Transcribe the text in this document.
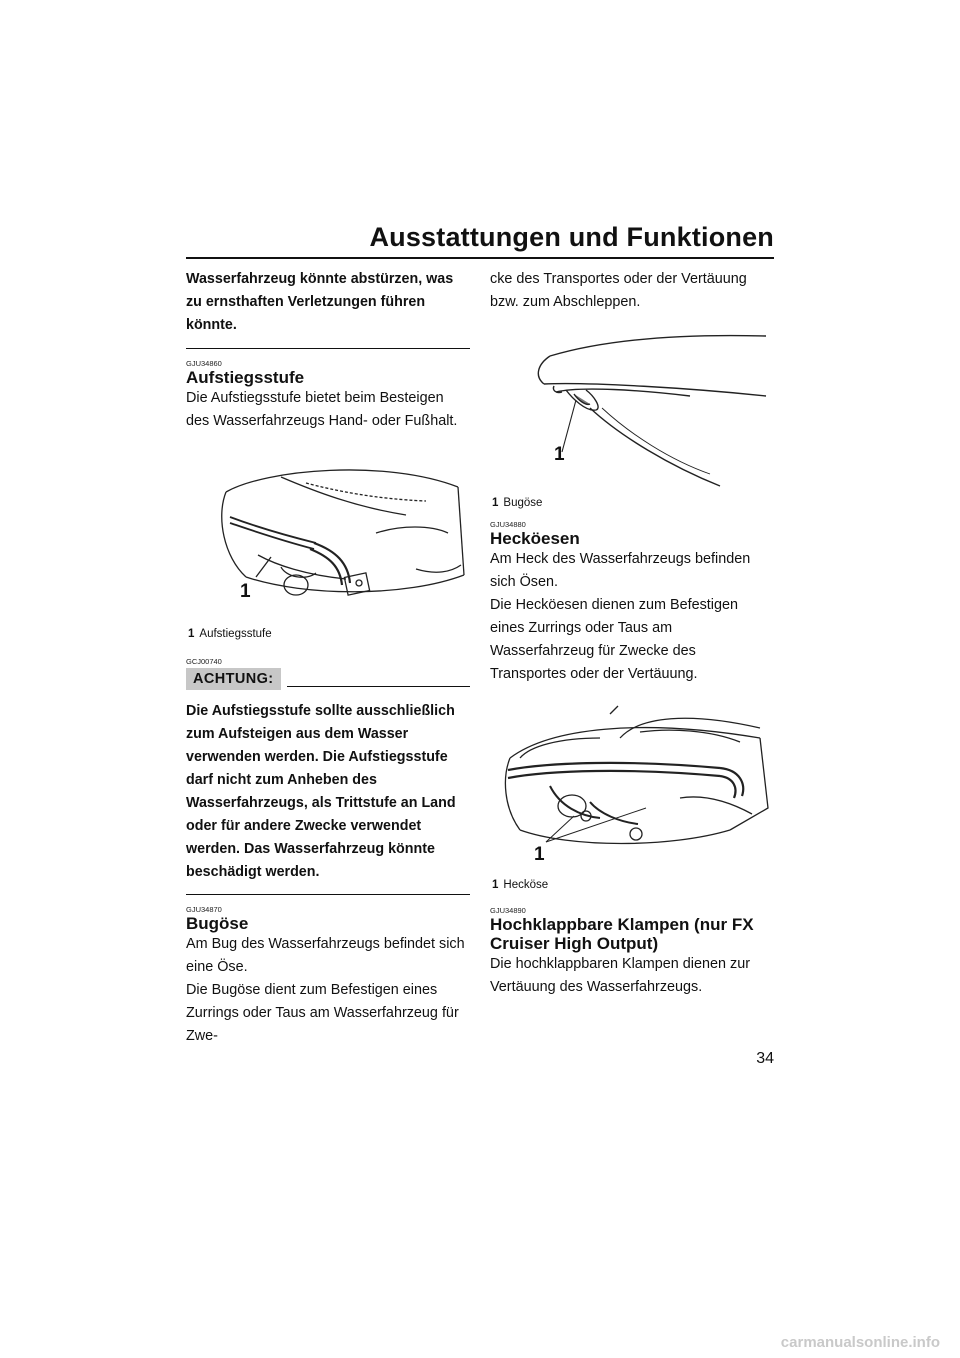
Ausstattungen und Funktionen

Wasserfahrzeug könnte abstürzen, was zu ernsthaften Verletzungen führen könnte.

GJU34860
Aufstiegsstufe

Die Aufstiegsstufe bietet beim Besteigen des Wasserfahrzeugs Hand- oder Fußhalt.

1
1 Aufstiegsstufe
GCJ00740
ACHTUNG:

Die Aufstiegsstufe sollte ausschließlich zum Aufsteigen aus dem Wasser verwenden werden. Die Aufstiegsstufe darf nicht zum Anheben des Wasserfahrzeugs, als Trittstufe an Land oder für andere Zwecke verwendet werden. Das Wasserfahrzeug könnte beschädigt werden.

GJU34870
Bugöse

Am Bug des Wasserfahrzeugs befindet sich eine Öse.

Die Bugöse dient zum Befestigen eines Zurrings oder Taus am Wasserfahrzeug für Zwe-

cke des Transportes oder der Vertäuung bzw. zum Abschleppen.

1
1 Bugöse
GJU34880
Hecköesen

Am Heck des Wasserfahrzeugs befinden sich Ösen.

Die Hecköesen dienen zum Befestigen eines Zurrings oder Taus am Wasserfahrzeug für Zwecke des Transportes oder der Vertäuung.

1
1 Hecköse
GJU34890
Hochklappbare Klampen (nur FX Cruiser High Output)

Die hochklappbaren Klampen dienen zur Vertäuung des Wasserfahrzeugs.

34
carmanualsonline.info
